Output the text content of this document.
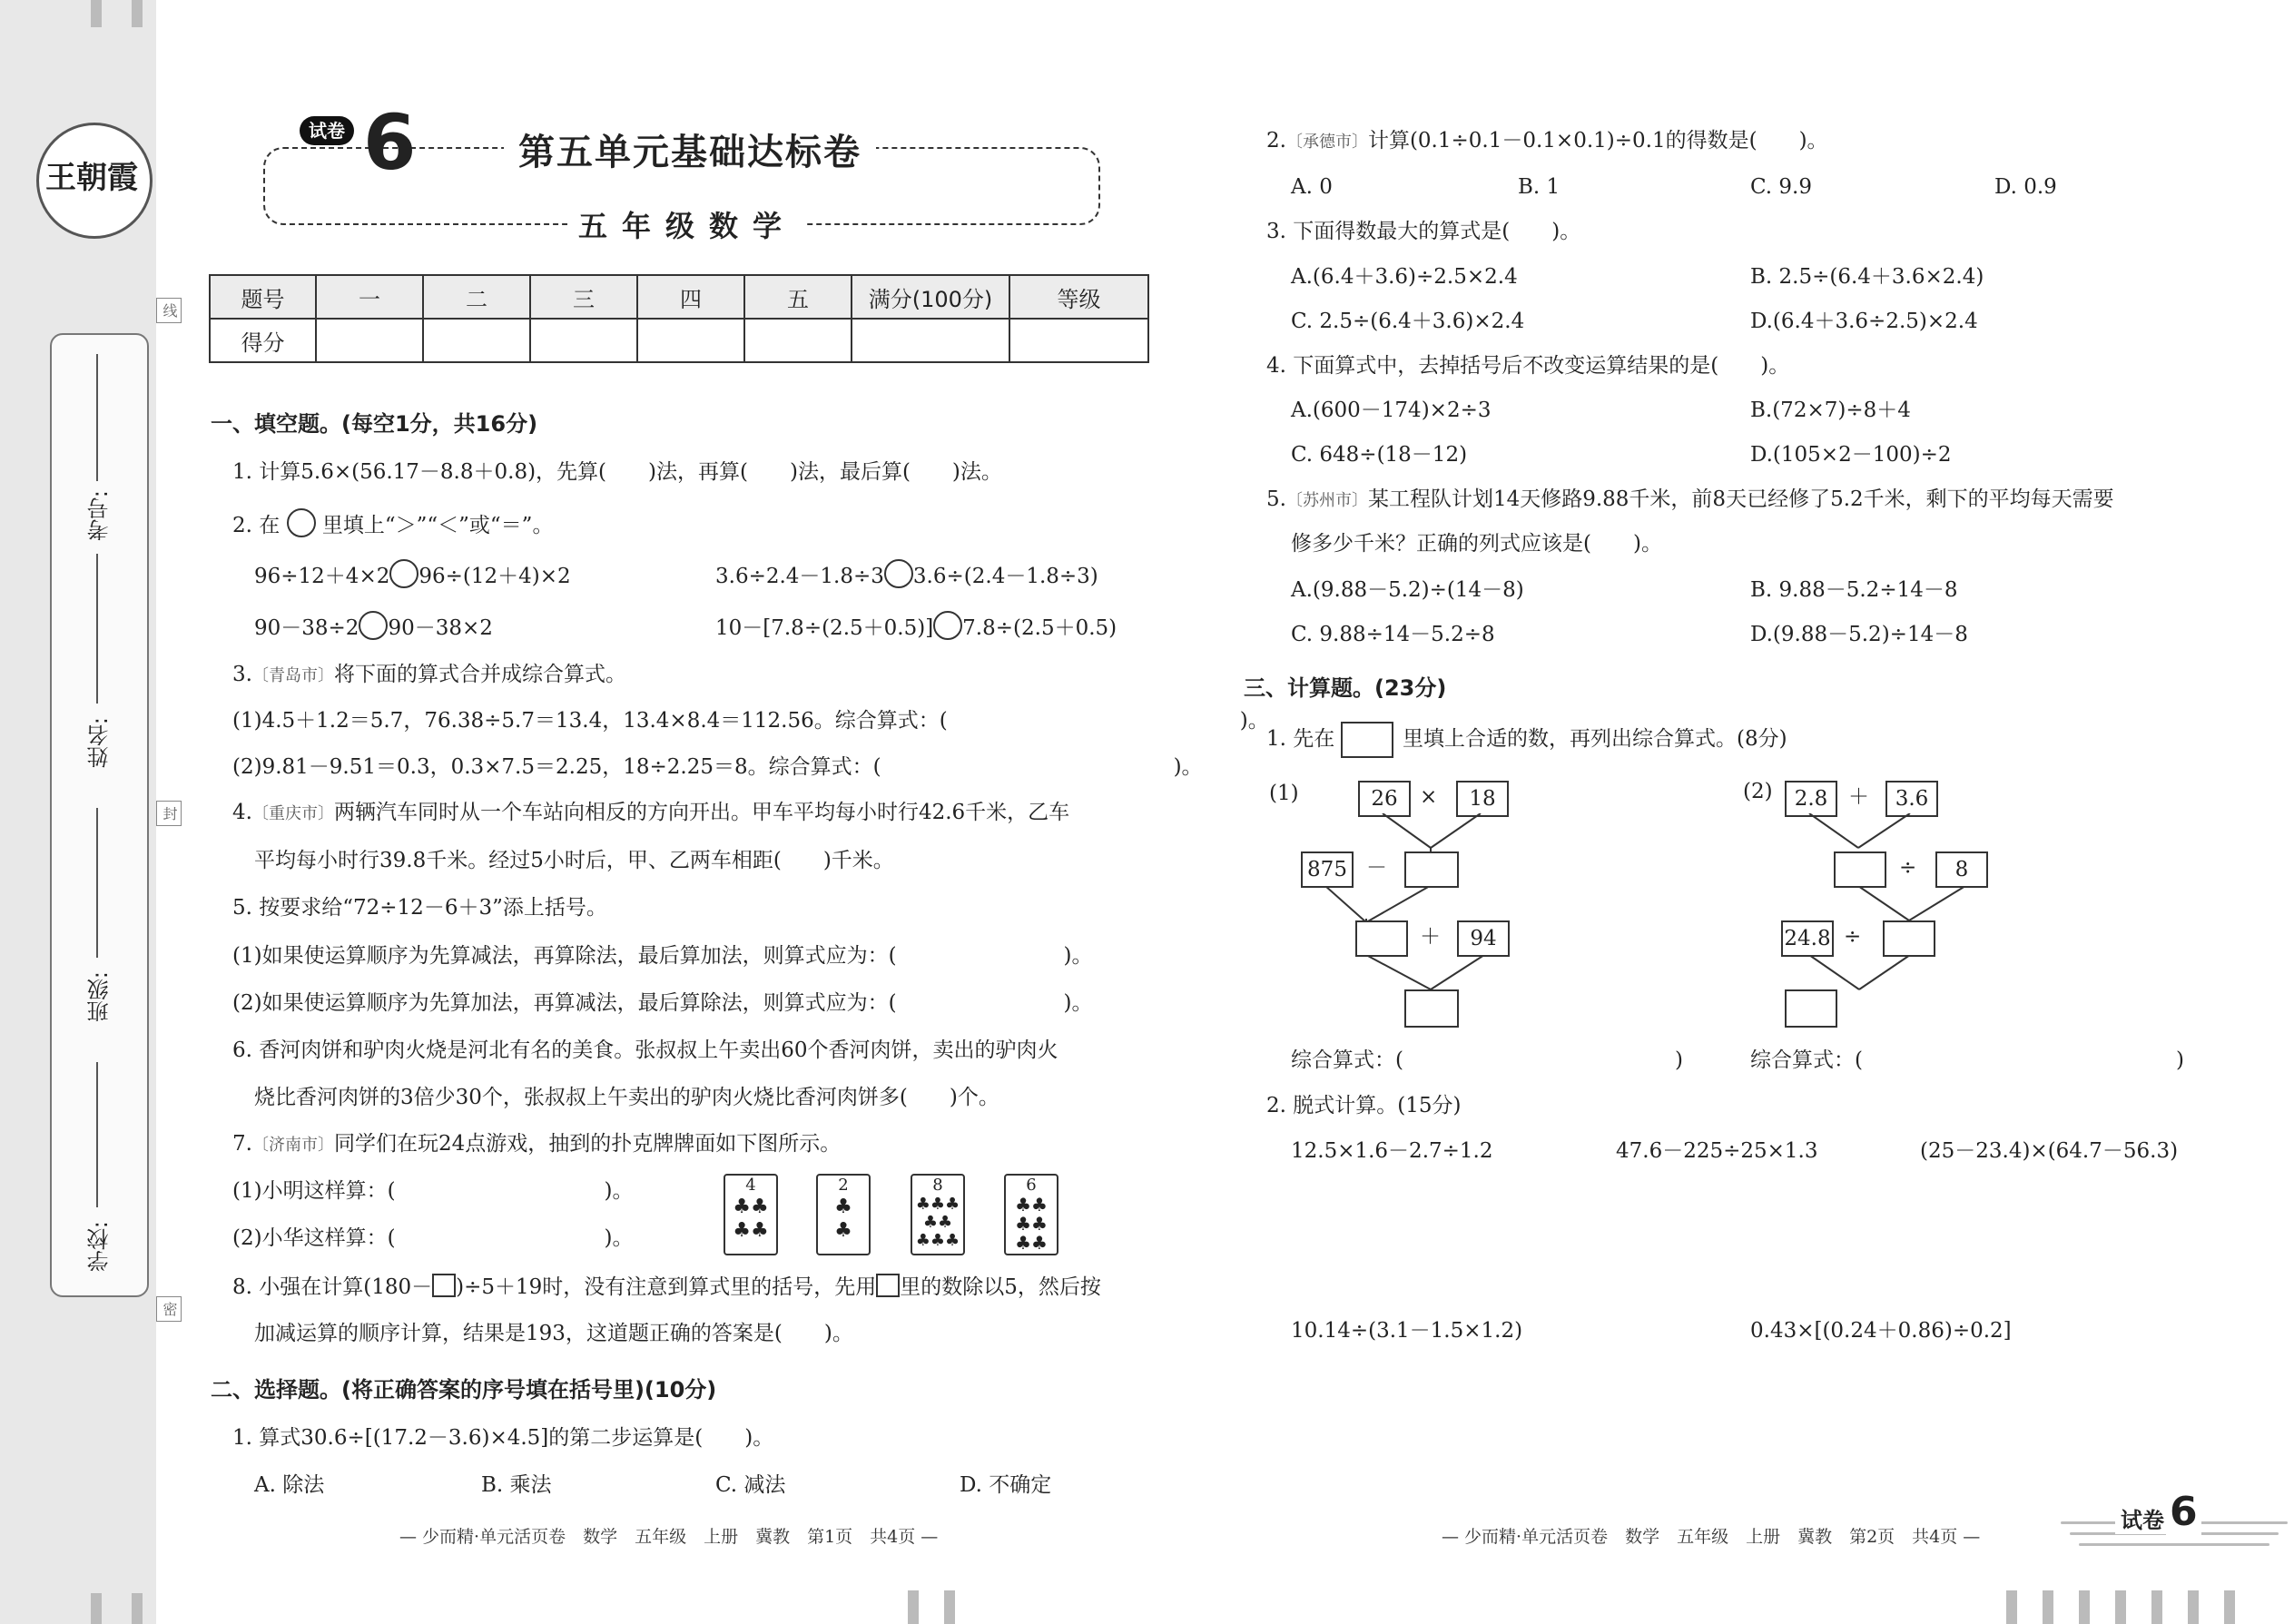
王朝霞
学校:
班级:
姓名:
考号:
线
封
密
试卷 6	第五单元基础达标卷
五年级数学
题号	一	二	三	四	五	满分(100分)	等级
得分							
一、填空题。(每空1分，共16分)
1. 计算5.6×(56.17－8.8＋0.8)，先算(　　)法，再算(　　)法，最后算(　　)法。
2. 在 里填上“＞”“＜”或“＝”。
96÷12＋4×2 96÷(12＋4)×2	3.6÷2.4－1.8÷3 3.6÷(2.4－1.8÷3)
90－38÷2 90－38×2	10－[7.8÷(2.5＋0.5)] 7.8÷(2.5＋0.5)
3.〔青岛市〕将下面的算式合并成综合算式。
(1)4.5＋1.2＝5.7，76.38÷5.7＝13.4，13.4×8.4＝112.56。综合算式：(　　　　　　　　　　　　　　)。
(2)9.81－9.51＝0.3，0.3×7.5＝2.25，18÷2.25＝8。综合算式：(　　　　　　　　　　　　　　)。
4.〔重庆市〕两辆汽车同时从一个车站向相反的方向开出。甲车平均每小时行42.6千米，乙车
平均每小时行39.8千米。经过5小时后，甲、乙两车相距(　　)千米。
5. 按要求给“72÷12－6＋3”添上括号。
(1)如果使运算顺序为先算减法，再算除法，最后算加法，则算式应为：(　　　　　　　　)。
(2)如果使运算顺序为先算加法，再算减法，最后算除法，则算式应为：(　　　　　　　　)。
6. 香河肉饼和驴肉火烧是河北有名的美食。张叔叔上午卖出60个香河肉饼，卖出的驴肉火
烧比香河肉饼的3倍少30个，张叔叔上午卖出的驴肉火烧比香河肉饼多(　　)个。
7.〔济南市〕同学们在玩24点游戏，抽到的扑克牌牌面如下图所示。
(1)小明这样算：(　　　　　　　　　　)。
(2)小华这样算：(　　　　　　　　　　)。
4
♣♣
♣♣
2
♣
♣
8
♣♣♣
♣♣
♣♣♣
6
♣♣
♣♣
♣♣
8. 小强在计算(180－ )÷5＋19时，没有注意到算式里的括号，先用 里的数除以5，然后按
加减运算的顺序计算，结果是193，这道题正确的答案是(　　)。
二、选择题。(将正确答案的序号填在括号里)(10分)
1. 算式30.6÷[(17.2－3.6)×4.5]的第二步运算是(　　)。
A. 除法	B. 乘法	C. 减法	D. 不确定
— 少而精·单元活页卷　数学　五年级　上册　冀教　第1页　共4页 —
2.〔承德市〕计算(0.1÷0.1－0.1×0.1)÷0.1的得数是(　　)。
A. 0	B. 1	C. 9.9	D. 0.9
3. 下面得数最大的算式是(　　)。
A.(6.4＋3.6)÷2.5×2.4	B. 2.5÷(6.4＋3.6×2.4)
C. 2.5÷(6.4＋3.6)×2.4	D.(6.4＋3.6÷2.5)×2.4
4. 下面算式中，去掉括号后不改变运算结果的是(　　)。
A.(600－174)×2÷3	B.(72×7)÷8＋4
C. 648÷(18－12)	D.(105×2－100)÷2
5.〔苏州市〕某工程队计划14天修路9.88千米，前8天已经修了5.2千米，剩下的平均每天需要
修多少千米？正确的列式应该是(　　)。
A.(9.88－5.2)÷(14－8)	B. 9.88－5.2÷14－8
C. 9.88÷14－5.2÷8	D.(9.88－5.2)÷14－8
三、计算题。(23分)
1. 先在	里填上合适的数，再列出综合算式。(8分)
(1)	26	×	18
875 －
＋	94
(2)	2.8 ＋	3.6
÷	8
24.8 ÷
综合算式：(　　　　　　　　　　　　　)	综合算式：(　　　　　　　　　　　　　　　)
2. 脱式计算。(15分)
12.5×1.6－2.7÷1.2	47.6－225÷25×1.3	(25－23.4)×(64.7－56.3)
10.14÷(3.1－1.5×1.2)	0.43×[(0.24＋0.86)÷0.2]
— 少而精·单元活页卷　数学　五年级　上册　冀教　第2页　共4页 —
试卷 6
